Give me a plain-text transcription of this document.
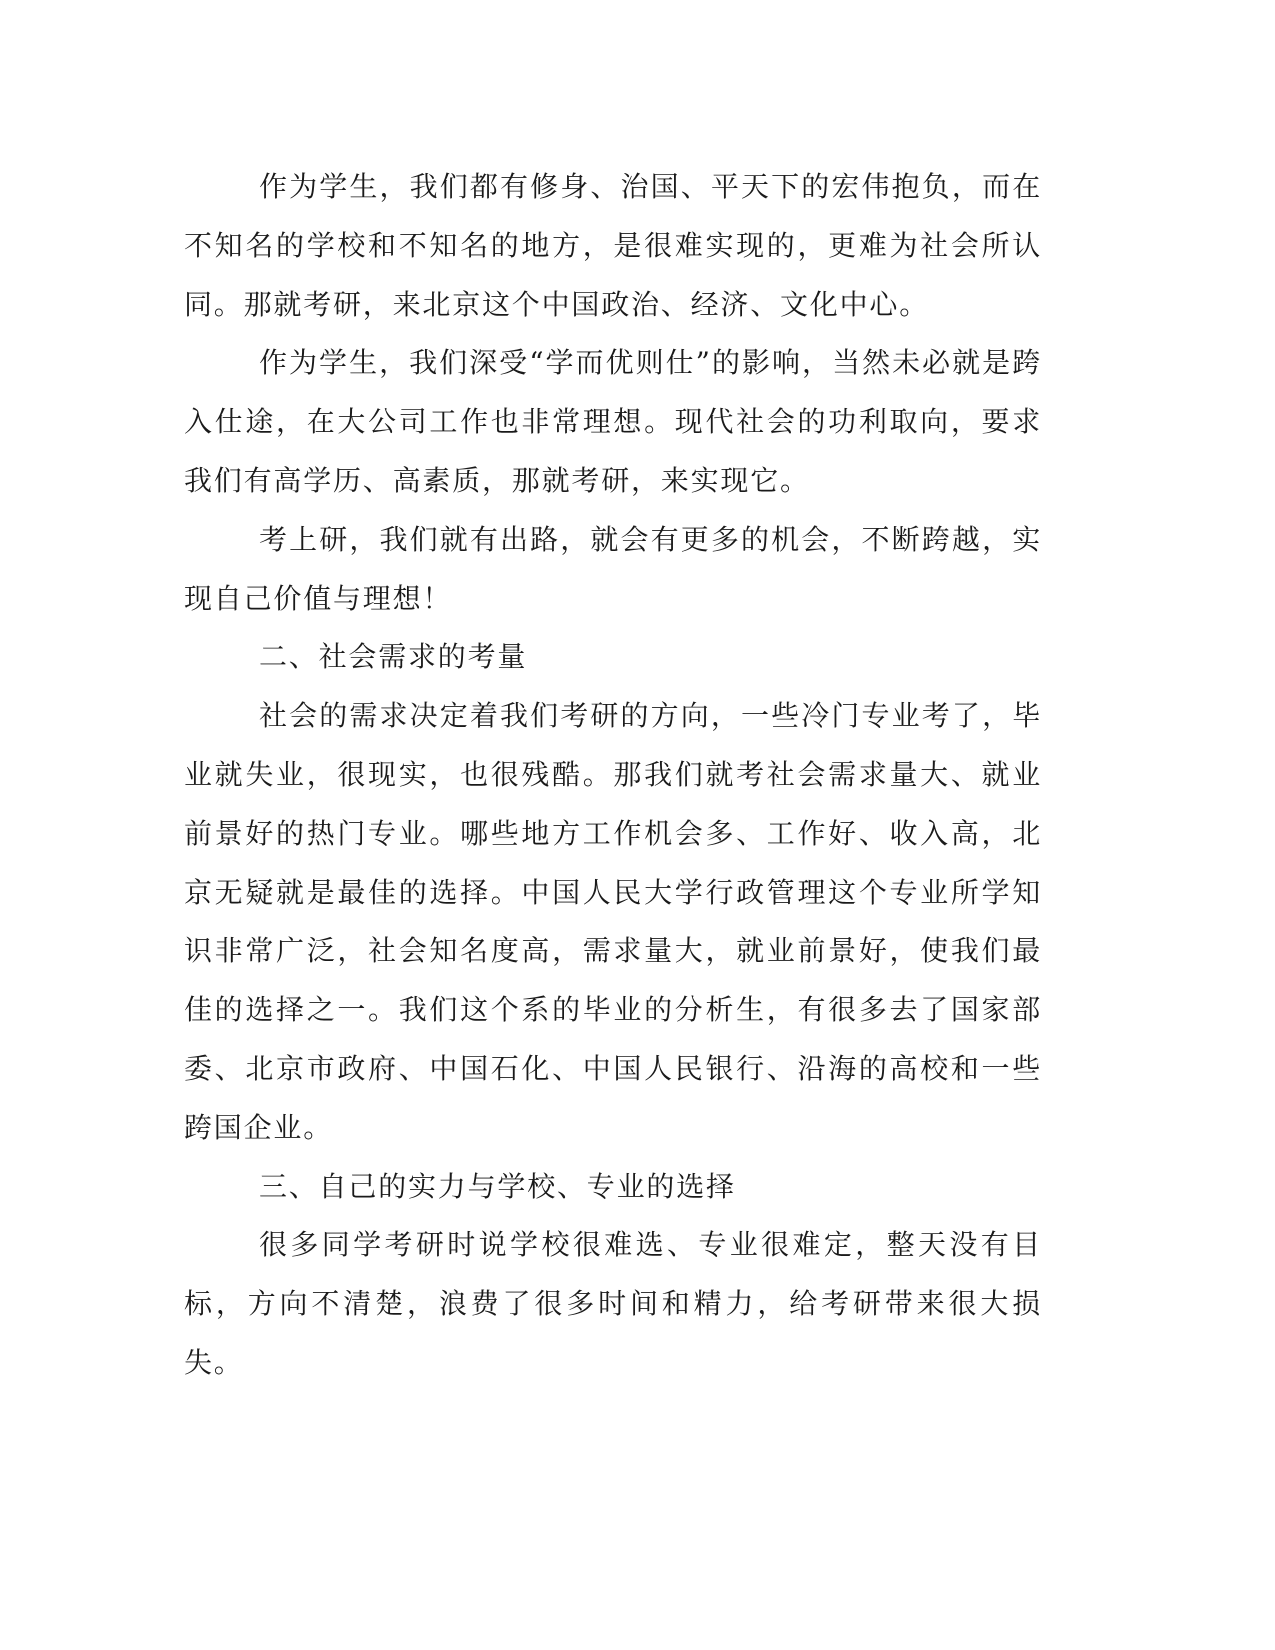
作为学生，我们都有修身、治国、平天下的宏伟抱负，而在不知名的学校和不知名的地方，是很难实现的，更难为社会所认同。那就考研，来北京这个中国政治、经济、文化中心。

作为学生，我们深受“学而优则仕”的影响，当然未必就是跨入仕途，在大公司工作也非常理想。现代社会的功利取向，要求我们有高学历、高素质，那就考研，来实现它。

考上研，我们就有出路，就会有更多的机会，不断跨越，实现自己价值与理想！

二、社会需求的考量

社会的需求决定着我们考研的方向，一些冷门专业考了，毕业就失业，很现实，也很残酷。那我们就考社会需求量大、就业前景好的热门专业。哪些地方工作机会多、工作好、收入高，北京无疑就是最佳的选择。中国人民大学行政管理这个专业所学知识非常广泛，社会知名度高，需求量大，就业前景好，使我们最佳的选择之一。我们这个系的毕业的分析生，有很多去了国家部委、北京市政府、中国石化、中国人民银行、沿海的高校和一些跨国企业。

三、自己的实力与学校、专业的选择

很多同学考研时说学校很难选、专业很难定，整天没有目标，方向不清楚，浪费了很多时间和精力，给考研带来很大损失。
